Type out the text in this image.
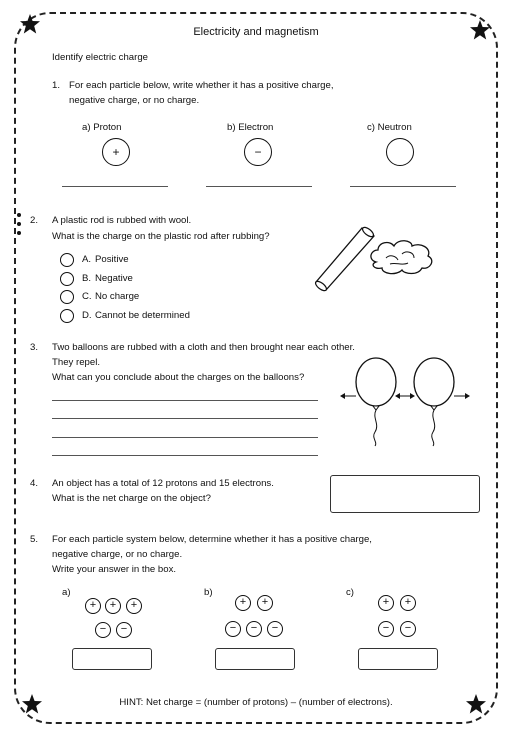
Electricity and magnetism
Identify electric charge
1. For each particle below, write whether it has a positive charge,
negative charge, or no charge.
a) Proton	b) Electron	c) Neutron
+	−
2. A plastic rod is rubbed with wool.
What is the charge on the plastic rod after rubbing?
A. Positive
B. Negative
C. No charge
D. Cannot be determined
3. Two balloons are rubbed with a cloth and then brought near each other.
They repel.
What can you conclude about the charges on the balloons?
4. An object has a total of 12 protons and 15 electrons.
What is the net charge on the object?
5. For each particle system below, determine whether it has a positive charge,
negative charge, or no charge.
Write your answer in the box.
a)
+	+	+
−	−
b)
+	+
−	−	−
c)
+	+
−	−
HINT: Net charge = (number of protons) – (number of electrons).
